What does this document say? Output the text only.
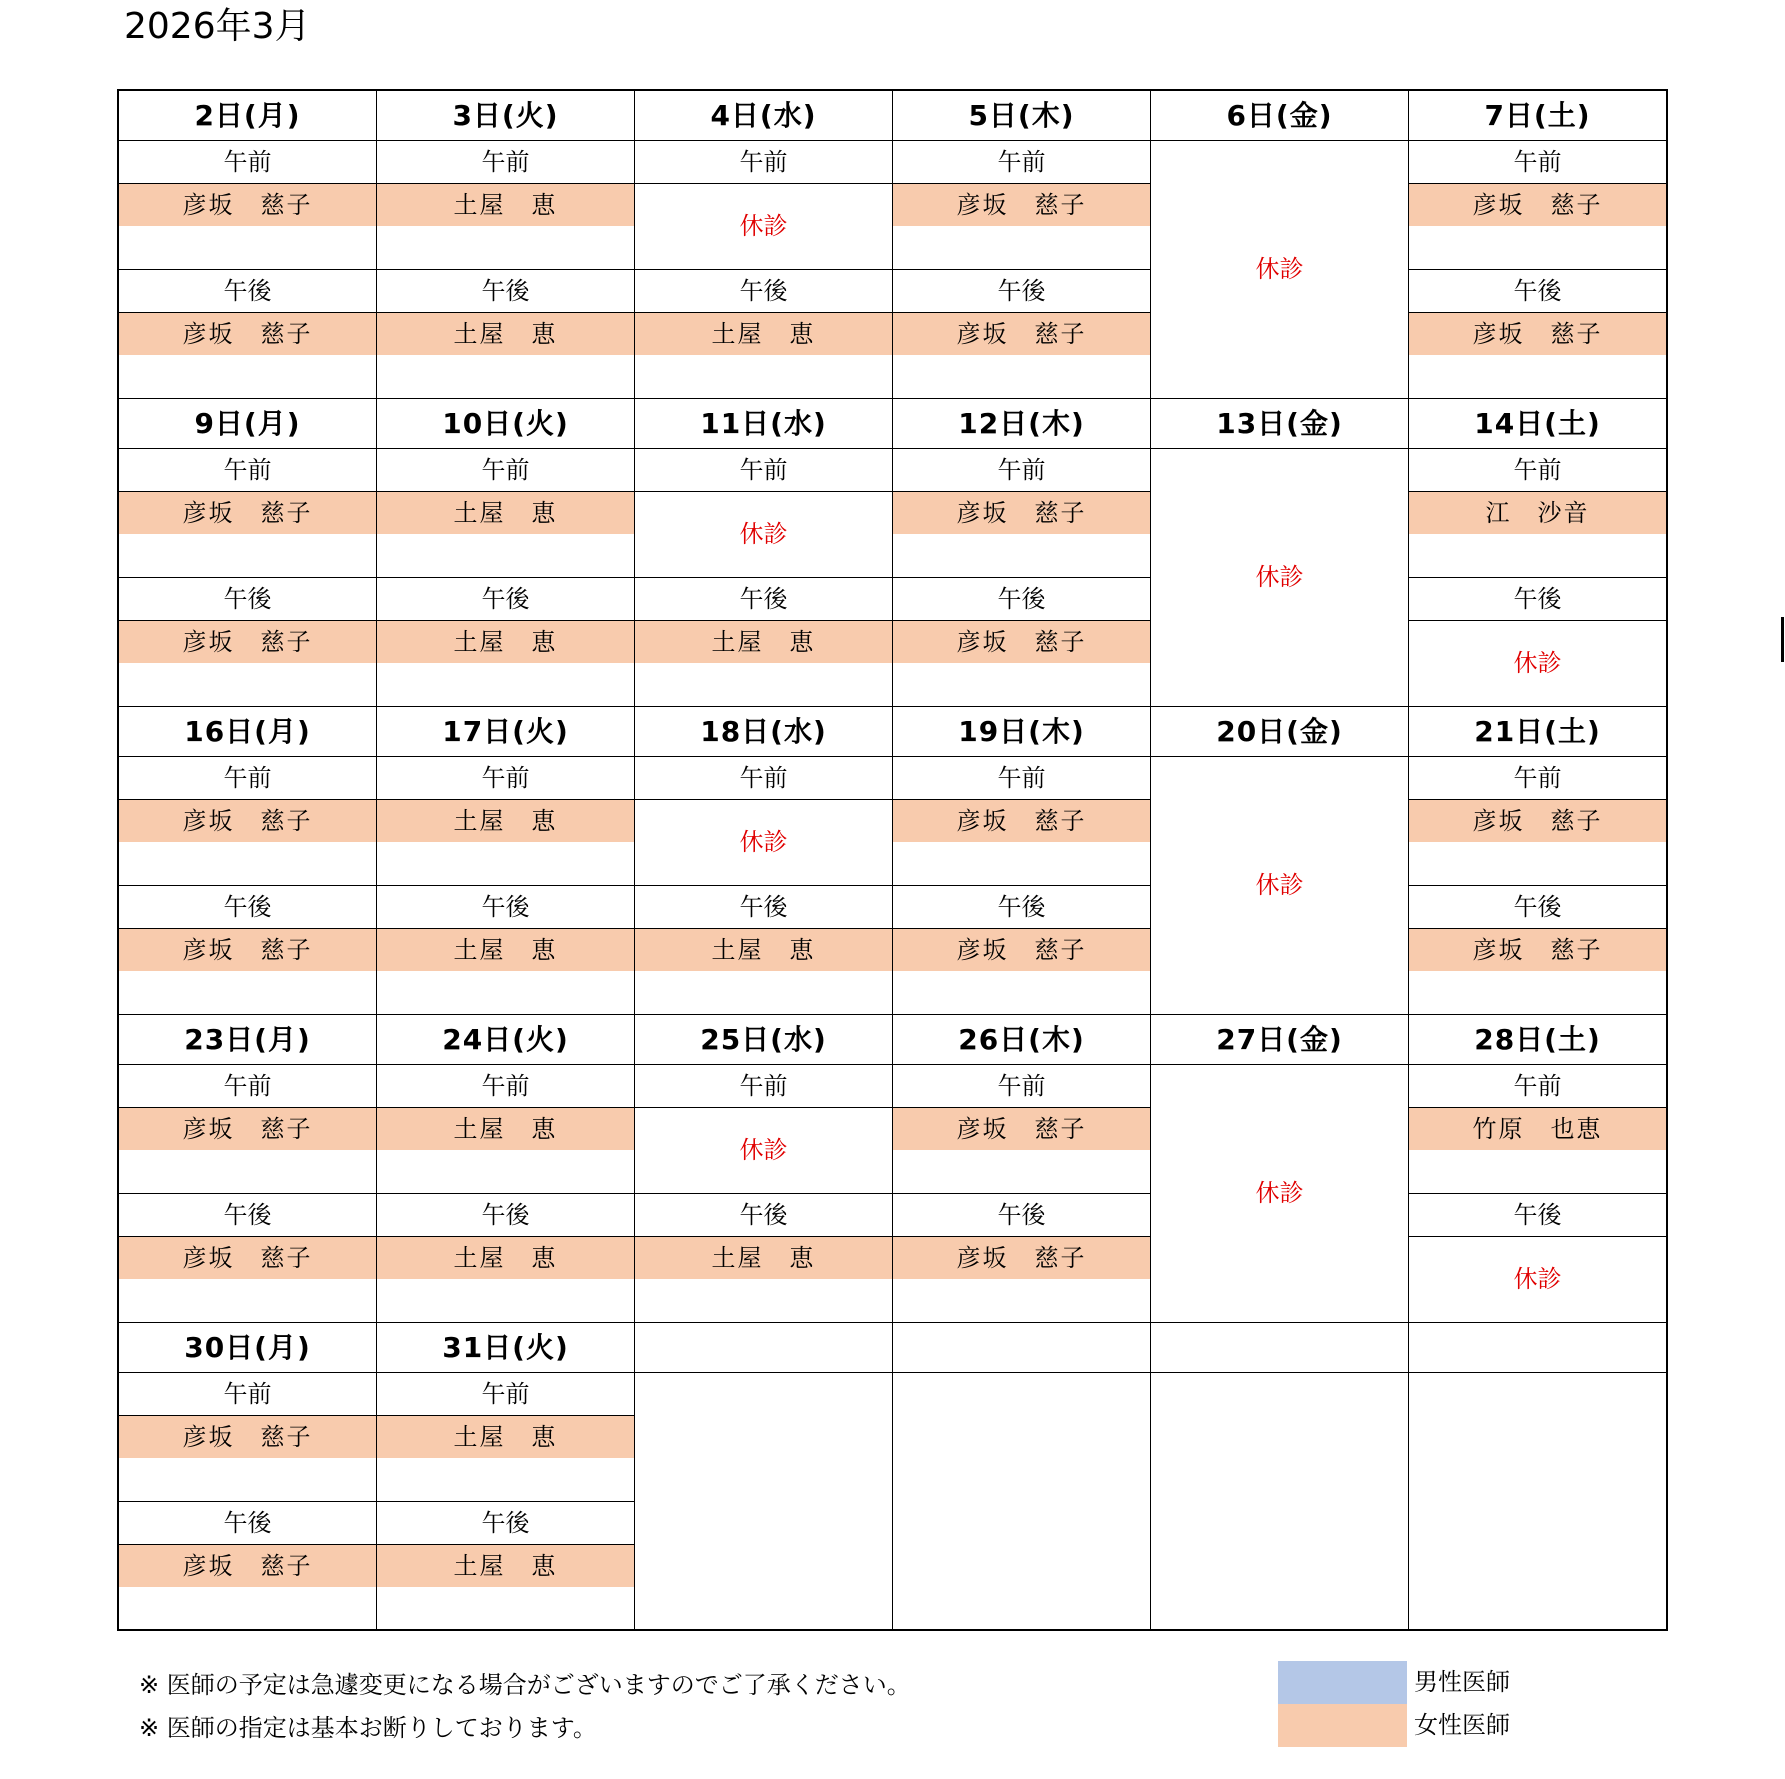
2026年3月
2日(月)
午前
彦坂　慈子
午後
彦坂　慈子
3日(火)
午前
土屋　恵
午後
土屋　恵
4日(水)
午前
休診
午後
土屋　恵
5日(木)
午前
彦坂　慈子
午後
彦坂　慈子
6日(金)
休診
7日(土)
午前
彦坂　慈子
午後
彦坂　慈子
9日(月)
午前
彦坂　慈子
午後
彦坂　慈子
10日(火)
午前
土屋　恵
午後
土屋　恵
11日(水)
午前
休診
午後
土屋　恵
12日(木)
午前
彦坂　慈子
午後
彦坂　慈子
13日(金)
休診
14日(土)
午前
江　沙音
午後
休診
16日(月)
午前
彦坂　慈子
午後
彦坂　慈子
17日(火)
午前
土屋　恵
午後
土屋　恵
18日(水)
午前
休診
午後
土屋　恵
19日(木)
午前
彦坂　慈子
午後
彦坂　慈子
20日(金)
休診
21日(土)
午前
彦坂　慈子
午後
彦坂　慈子
23日(月)
午前
彦坂　慈子
午後
彦坂　慈子
24日(火)
午前
土屋　恵
午後
土屋　恵
25日(水)
午前
休診
午後
土屋　恵
26日(木)
午前
彦坂　慈子
午後
彦坂　慈子
27日(金)
休診
28日(土)
午前
竹原　也恵
午後
休診
30日(月)
午前
彦坂　慈子
午後
彦坂　慈子
31日(火)
午前
土屋　恵
午後
土屋　恵
※ 医師の予定は急遽変更になる場合がございますのでご了承ください。
※ 医師の指定は基本お断りしております。
男性医師
女性医師
